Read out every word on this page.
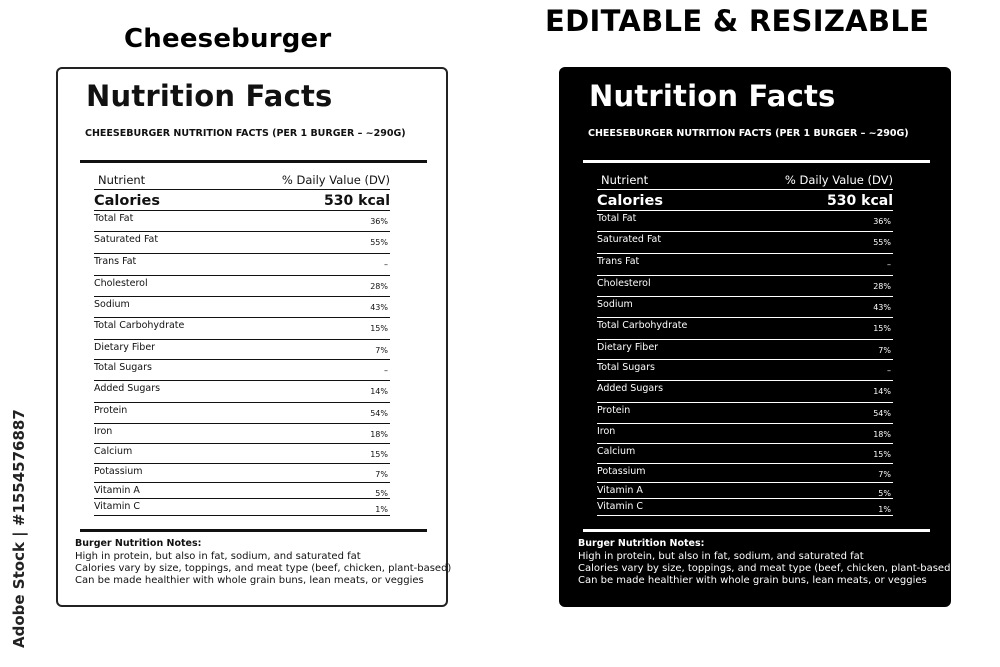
Cheeseburger
EDITABLE & RESIZABLE
Adobe Stock | #1554576887
Nutrition Facts
CHEESEBURGER NUTRITION FACTS (PER 1 BURGER – ~290G)
Nutrient	% Daily Value (DV)
Calories	530 kcal
Total Fat	36%
Saturated Fat	55%
Trans Fat	–
Cholesterol	28%
Sodium	43%
Total Carbohydrate	15%
Dietary Fiber	7%
Total Sugars	–
Added Sugars	14%
Protein	54%
Iron	18%
Calcium	15%
Potassium	7%
Vitamin A	5%
Vitamin C	1%
Burger Nutrition Notes:
High in protein, but also in fat, sodium, and saturated fat
Calories vary by size, toppings, and meat type (beef, chicken, plant-based)
Can be made healthier with whole grain buns, lean meats, or veggies
Nutrition Facts
CHEESEBURGER NUTRITION FACTS (PER 1 BURGER – ~290G)
Nutrient	% Daily Value (DV)
Calories	530 kcal
Total Fat	36%
Saturated Fat	55%
Trans Fat	–
Cholesterol	28%
Sodium	43%
Total Carbohydrate	15%
Dietary Fiber	7%
Total Sugars	–
Added Sugars	14%
Protein	54%
Iron	18%
Calcium	15%
Potassium	7%
Vitamin A	5%
Vitamin C	1%
Burger Nutrition Notes:
High in protein, but also in fat, sodium, and saturated fat
Calories vary by size, toppings, and meat type (beef, chicken, plant-based)
Can be made healthier with whole grain buns, lean meats, or veggies
